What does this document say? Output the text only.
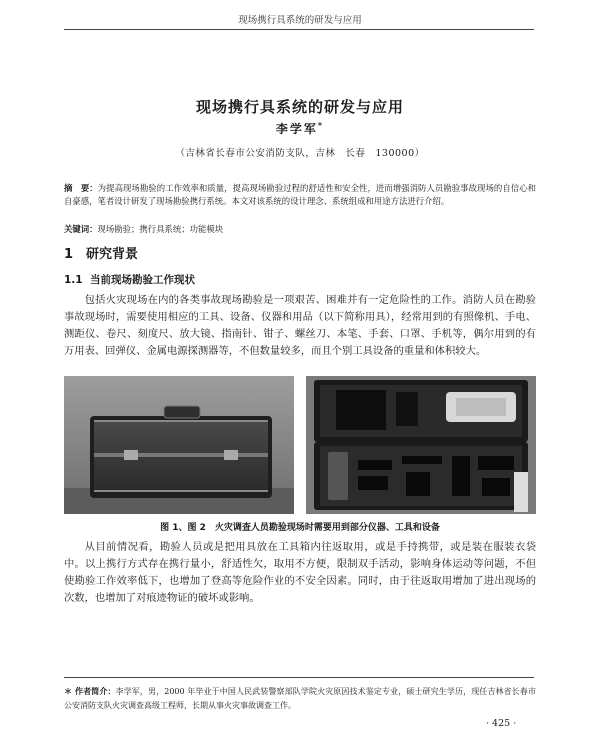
现场携行具系统的研发与应用
现场携行具系统的研发与应用
李学军*
（吉林省长春市公安消防支队，吉林　长春　130000）
摘　要：为提高现场勘验的工作效率和质量，提高现场勘验过程的舒适性和安全性，进而增强消防人员勘验事故现场的自信心和自豪感，笔者设计研发了现场勘验携行系统。本文对该系统的设计理念、系统组成和用途方法进行介绍。
关键词：现场勘验；携行具系统；功能模块
1 研究背景
1.1 当前现场勘验工作现状
包括火灾现场在内的各类事故现场勘验是一项艰苦、困难并有一定危险性的工作。消防人员在勘验事故现场时，需要使用相应的工具、设备、仪器和用品（以下简称用具），经常用到的有照像机、手电、测距仪、卷尺、刻度尺、放大镜、指南针、钳子、螺丝刀、本笔、手套、口罩、手机等，偶尔用到的有万用表、回弹仪、金属电源探测器等，不但数量较多，而且个别工具设备的重量和体积较大。
图 1、图 2　火灾调查人员勘验现场时需要用到部分仪器、工具和设备
从目前情况看，勘验人员或是把用具放在工具箱内往返取用，或是手持携带，或是装在服装衣袋中。以上携行方式存在携行量小，舒适性欠，取用不方便，限制双手活动，影响身体运动等问题，不但使勘验工作效率低下，也增加了登高等危险作业的不安全因素。同时，由于往返取用增加了进出现场的次数，也增加了对痕迹物证的破坏或影响。
＊ 作者简介：李学军，男，2000 年毕业于中国人民武装警察部队学院火灾原因技术鉴定专业，硕士研究生学历，现任吉林省长春市公安消防支队火灾调查高级工程师，长期从事火灾事故调查工作。
· 425 ·
